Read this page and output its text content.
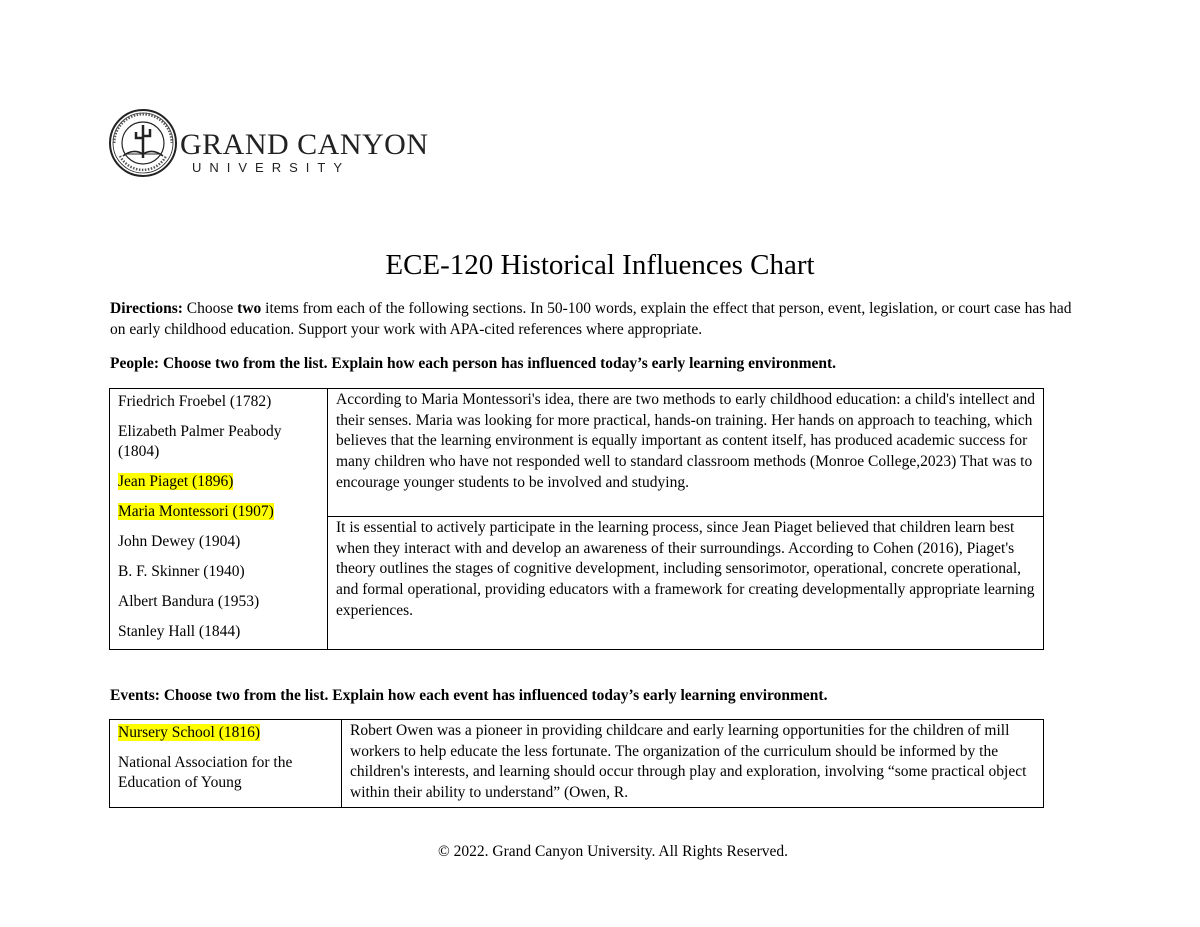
GRAND CANYON
UNIVERSITY
ECE-120 Historical Influences Chart
Directions: Choose two items from each of the following sections. In 50-100 words, explain the effect that person, event, legislation, or court case has had on early childhood education. Support your work with APA-cited references where appropriate.
People: Choose two from the list. Explain how each person has influenced today’s early learning environment.
Friedrich Froebel (1782)
Elizabeth Palmer Peabody (1804)
Jean Piaget (1896)
Maria Montessori (1907)
John Dewey (1904)
B. F. Skinner (1940)
Albert Bandura (1953)
Stanley Hall (1844)
	According to Maria Montessori's idea, there are two methods to early childhood education: a child's intellect and their senses. Maria was looking for more practical, hands-on training. Her hands on approach to teaching, which believes that the learning environment is equally important as content itself, has produced academic success for many children who have not responded well to standard classroom methods (Monroe College,2023) That was to encourage younger students to be involved and studying.
It is essential to actively participate in the learning process, since Jean Piaget believed that children learn best when they interact with and develop an awareness of their surroundings. According to Cohen (2016), Piaget's theory outlines the stages of cognitive development, including sensorimotor, operational, concrete operational, and formal operational, providing educators with a framework for creating developmentally appropriate learning experiences.
Events: Choose two from the list. Explain how each event has influenced today’s early learning environment.
Nursery School (1816)
National Association for the Education of Young
	Robert Owen was a pioneer in providing childcare and early learning opportunities for the children of mill workers to help educate the less fortunate. The organization of the curriculum should be informed by the children's interests, and learning should occur through play and exploration, involving “some practical object within their ability to understand” (Owen, R.
© 2022. Grand Canyon University. All Rights Reserved.
